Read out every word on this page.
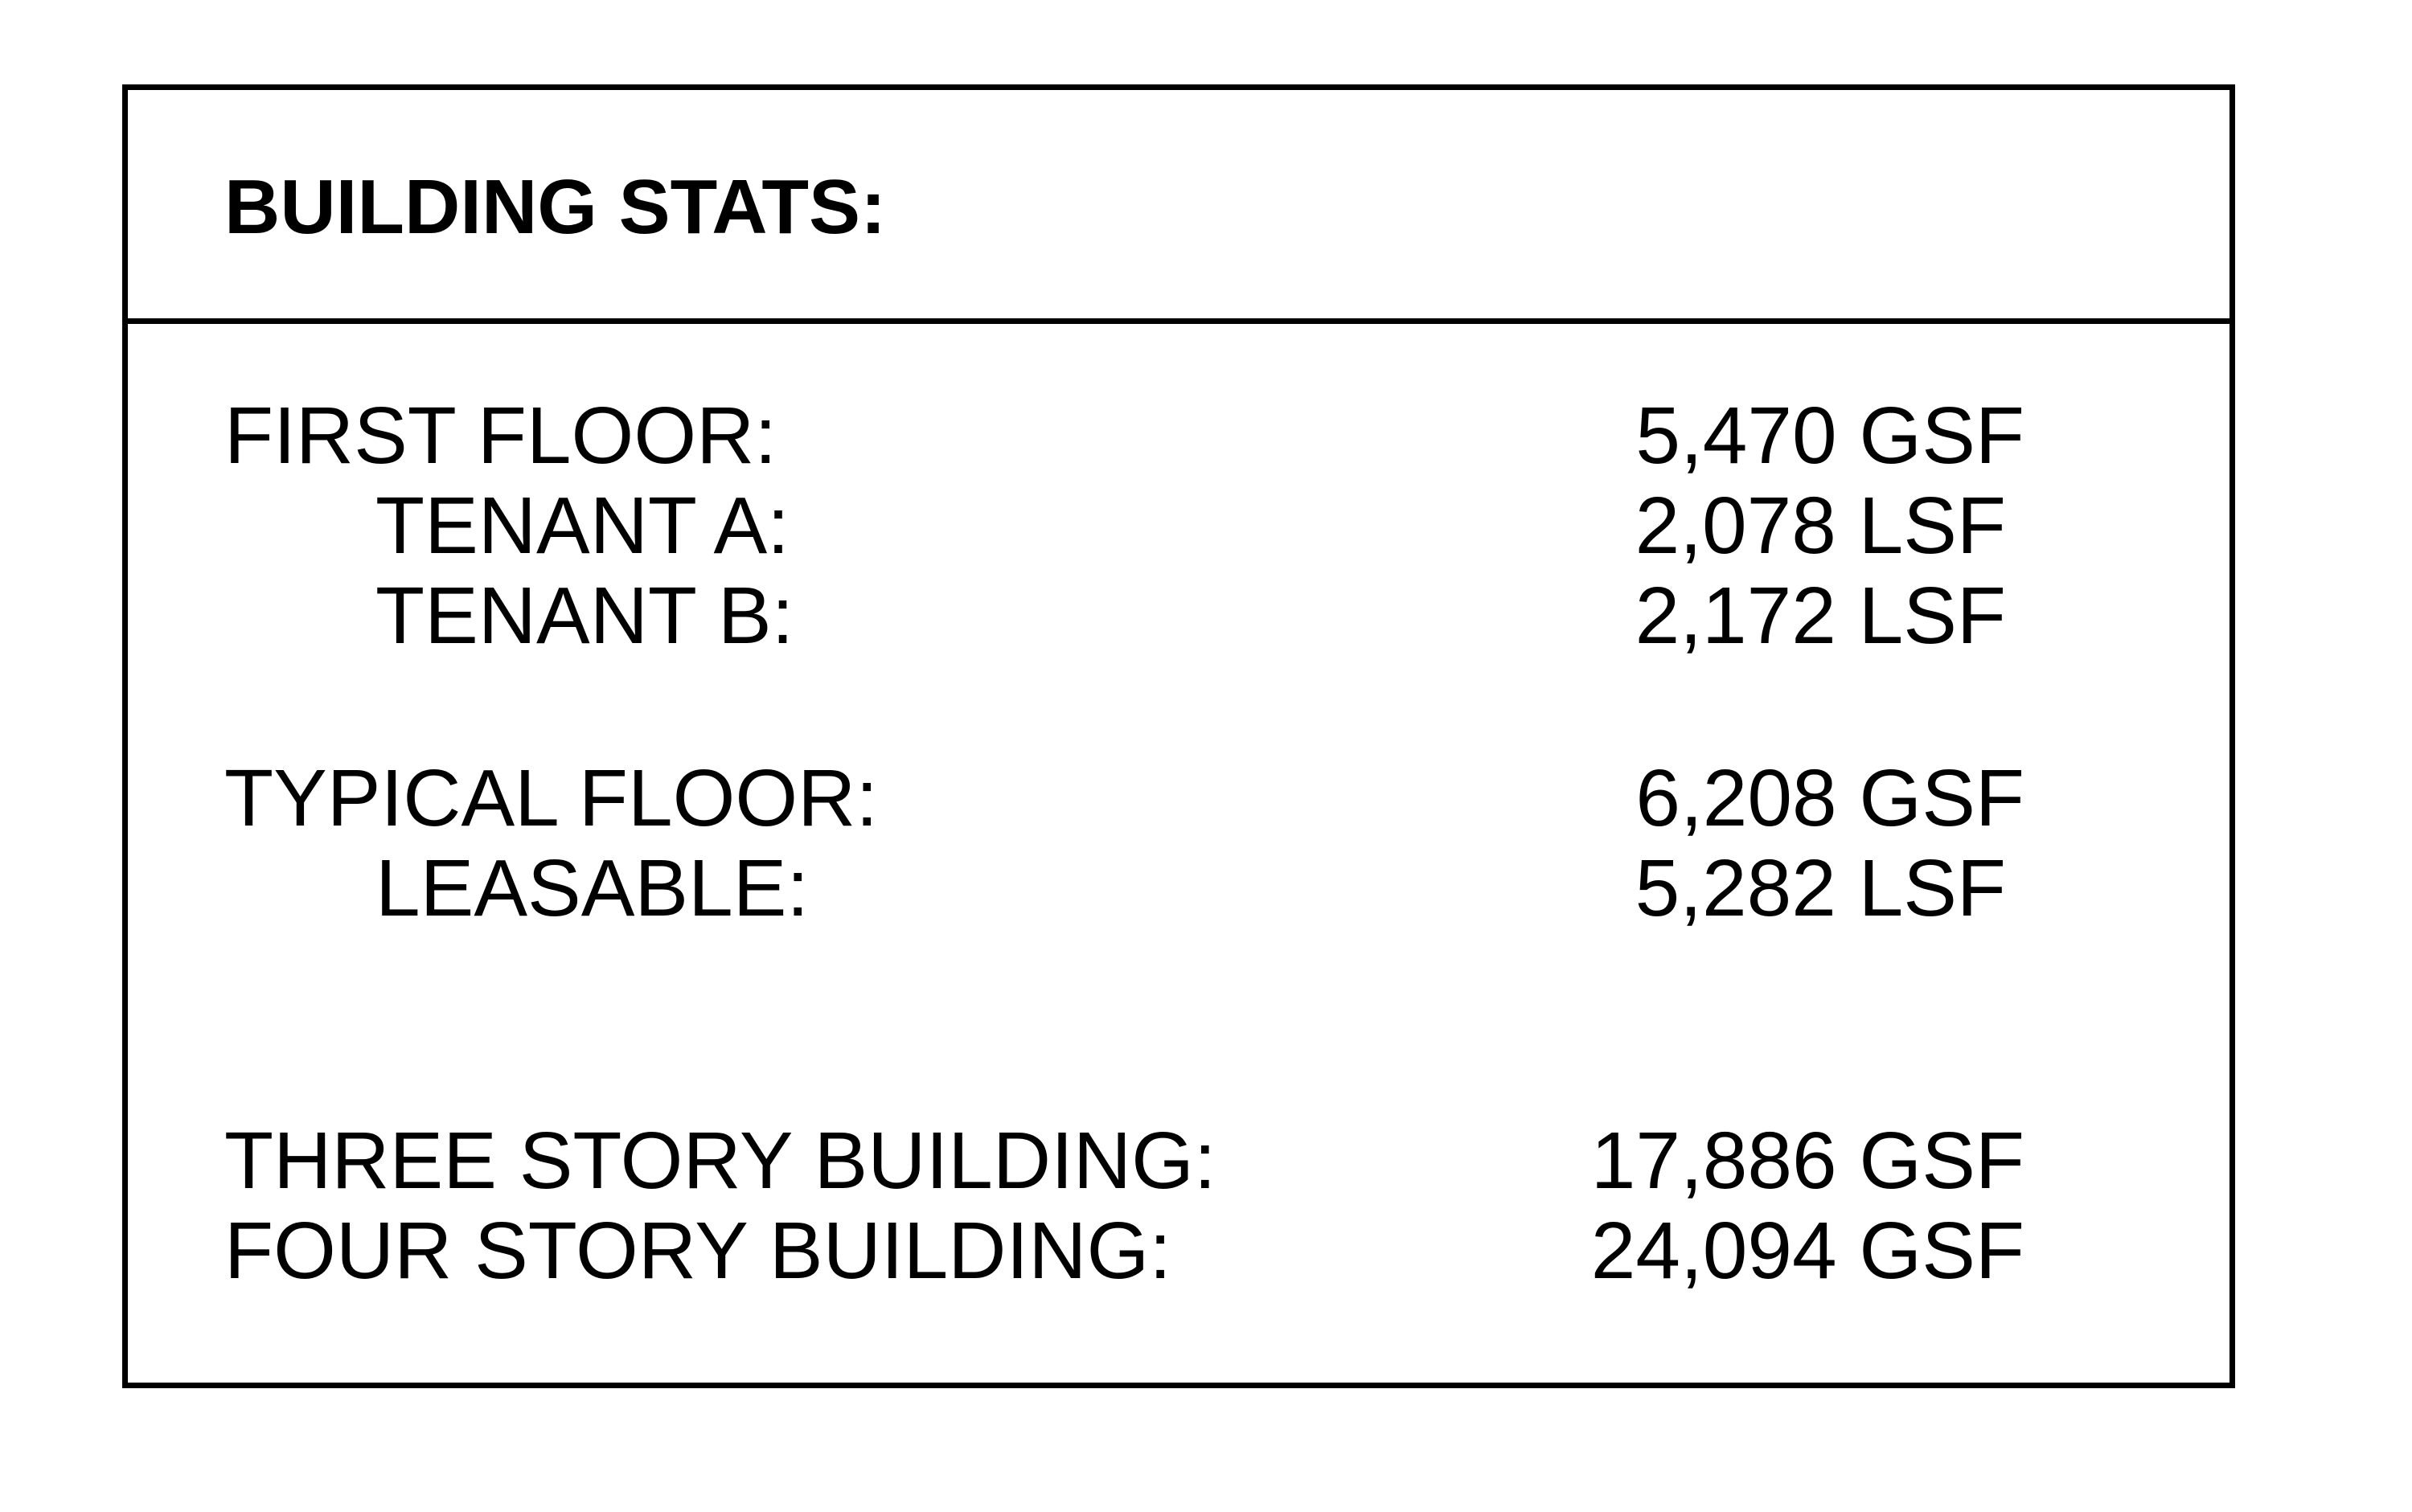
BUILDING STATS:
FIRST FLOOR:	5,470 GSF
TENANT A:	2,078 LSF
TENANT B:	2,172 LSF
TYPICAL FLOOR:	6,208 GSF
LEASABLE:	5,282 LSF
THREE STORY BUILDING:	17,886 GSF
FOUR STORY BUILDING:	24,094 GSF
